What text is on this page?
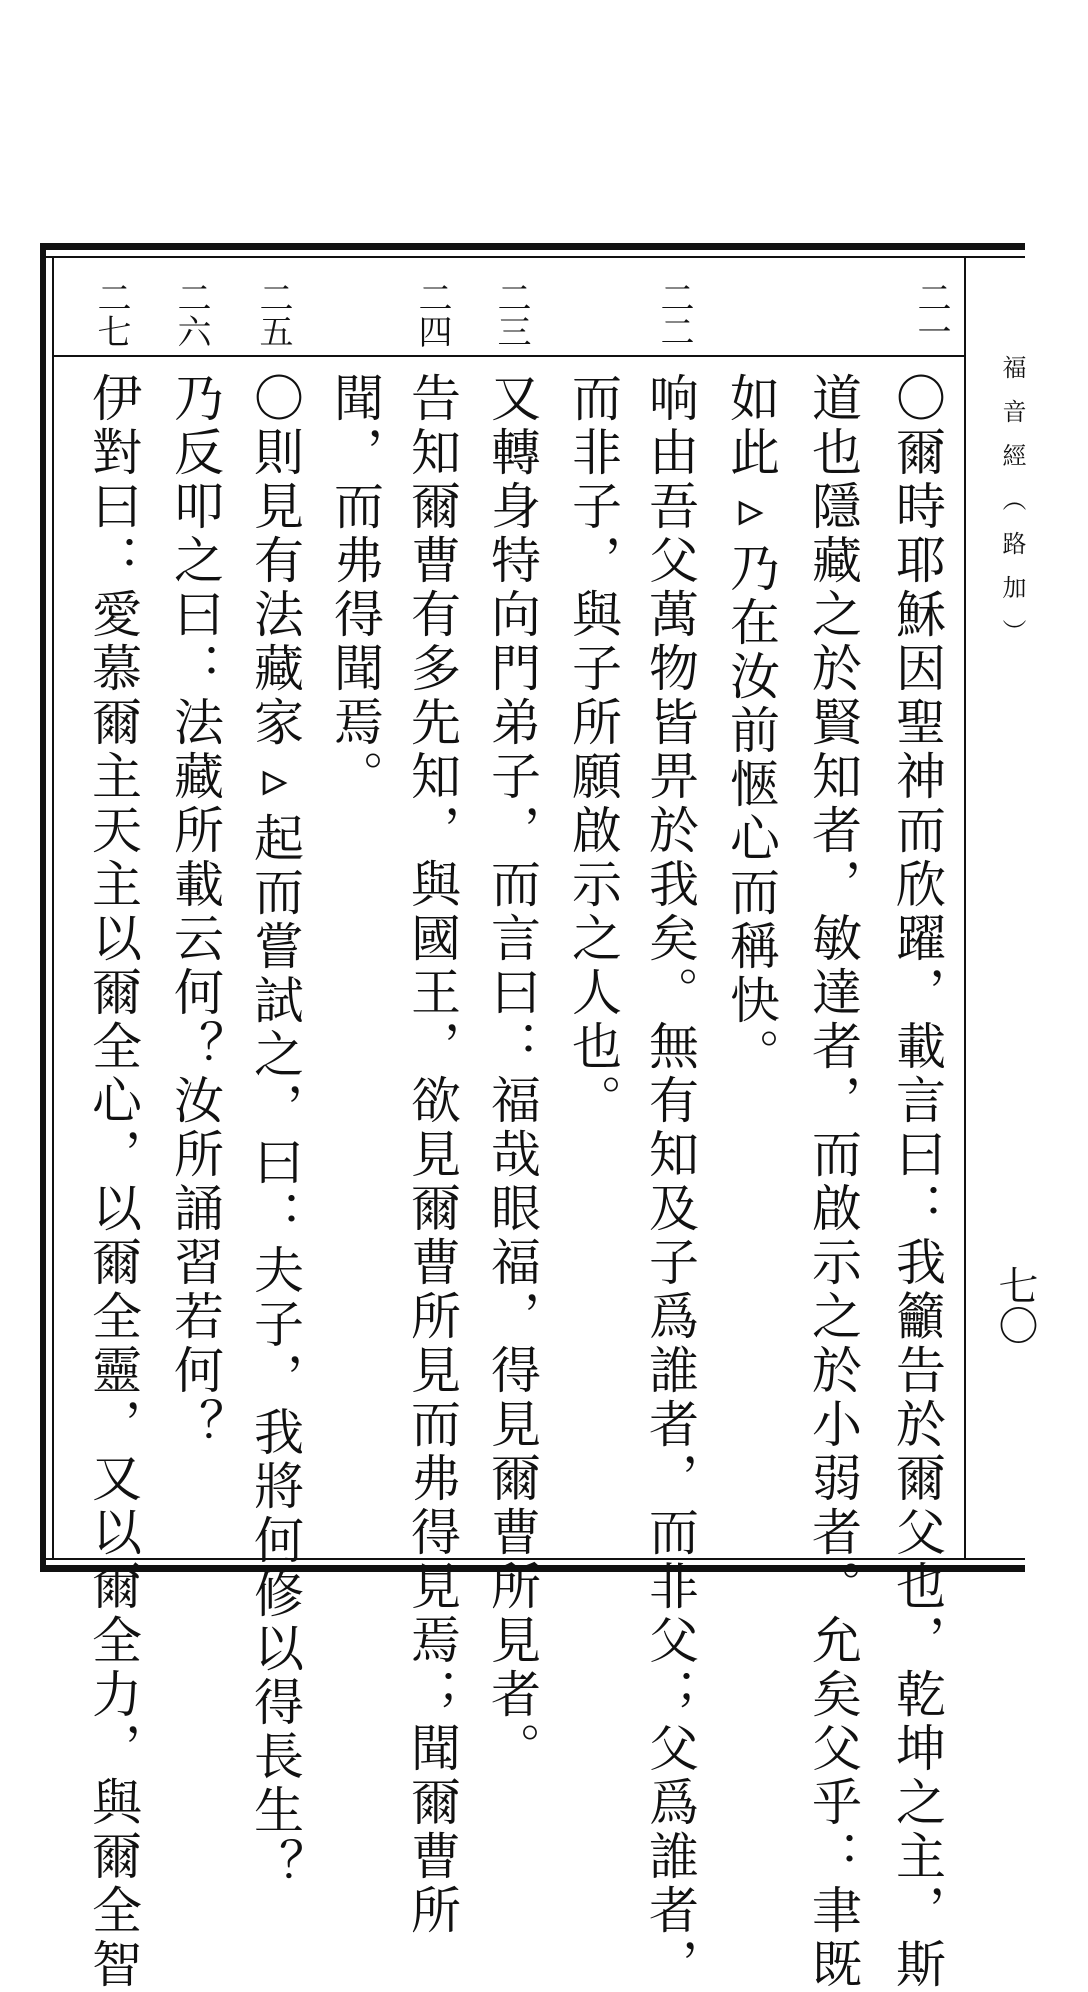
福音經（路加）
七〇
二一
二二
二三
二四
二五
二六
二七
〇爾時耶穌因聖神而欣躍，載言曰：我籲告於爾父也，乾坤之主，斯
道也隱藏之於賢知者，敏達者，而啟示之於小弱者。允矣父乎：聿既
如此▹乃在汝前愜心而稱快。
响由吾父萬物皆畀於我矣。無有知及子爲誰者，而非父；父爲誰者，
而非子，與子所願啟示之人也。
又轉身特向門弟子，而言曰：福哉眼福，得見爾曹所見者。
告知爾曹有多先知，與國王，欲見爾曹所見而弗得見焉；聞爾曹所
聞，而弗得聞焉。
〇則見有法藏家▹起而嘗試之，曰：夫子，我將何修以得長生？
乃反叩之曰：法藏所載云何？汝所誦習若何？
伊對曰：愛慕爾主天主以爾全心，以爾全靈，又以爾全力，與爾全智
